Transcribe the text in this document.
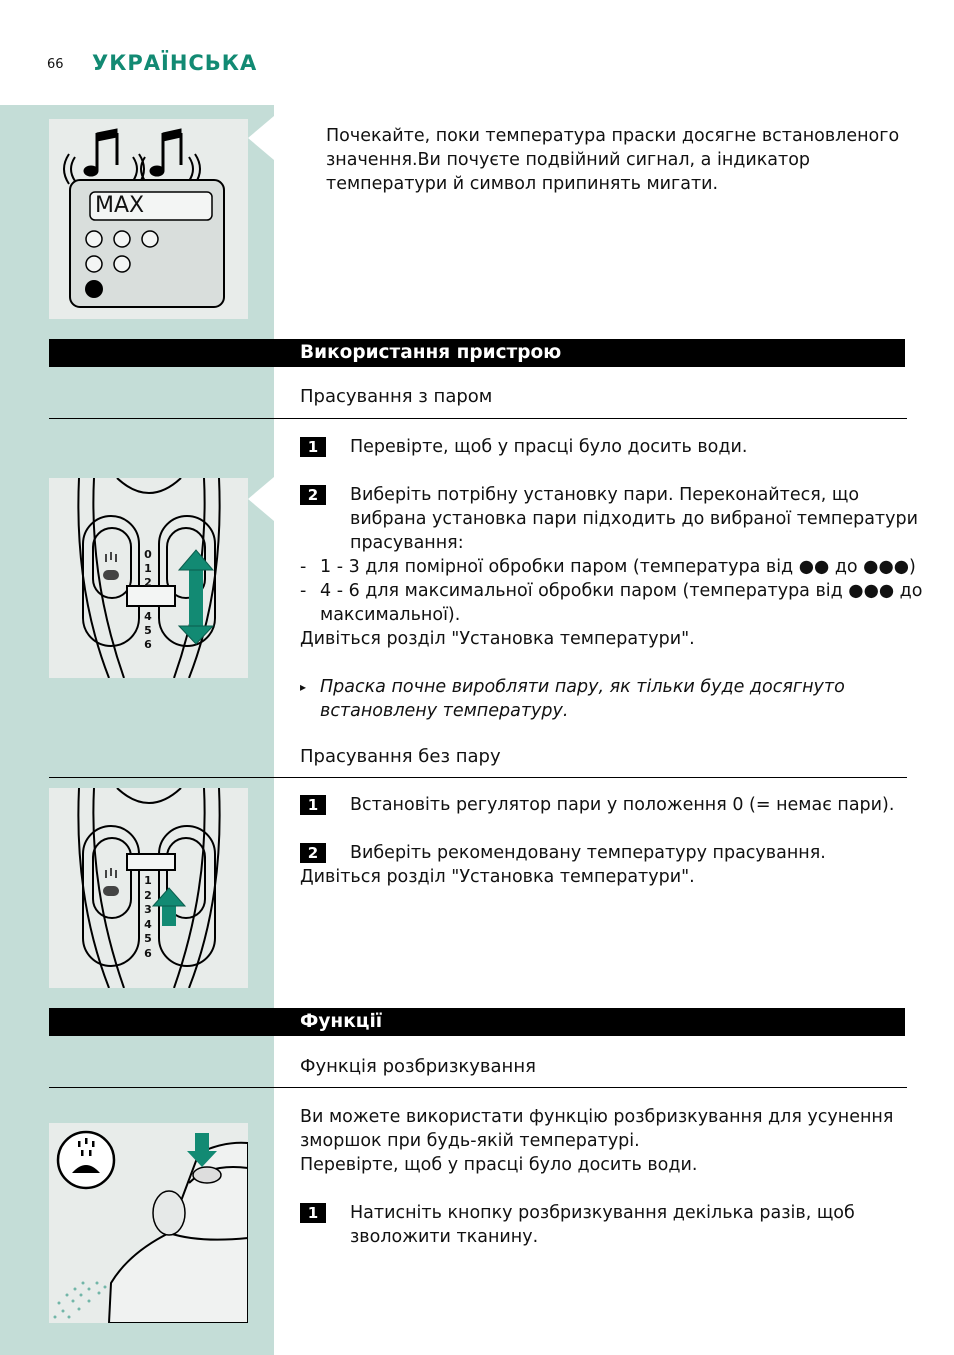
66 УКРАЇНСЬКА
MAX
Почекайте, поки температура праски досягне встановленого
значення.Ви почуєте подвійний сигнал, а індикатор
температури й символ припинять мигати.
Використання пристрою
Прасування з паром
1	Перевірте, щоб у прасці було досить води.
2	Виберіть потрібну установку пари. Переконайтеся, що
вибрана установка пари підходить до вибраної температури
прасування:
- 1 - 3 для помірної обробки паром (температура від ●● до ●●●)
- 4 - 6 для максимальної обробки паром (температура від ●●● до
максимальної).
Дивіться розділ "Установка температури".
▸ Праска почне виробляти пару, як тільки буде досягнуто
встановлену температуру.
0
1
2
4
5
6
Прасування без пару
1	Встановіть регулятор пари у положення 0 (= немає пари).
2	Виберіть рекомендовану температуру прасування.
Дивіться розділ "Установка температури".
1
2
3
4
5
6
Функції
Функція розбризкування
Ви можете використати функцію розбризкування для усунення
зморшок при будь-якій температурі.
Перевірте, щоб у прасці було досить води.
1	Натисніть кнопку розбризкування декілька разів, щоб
зволожити тканину.
